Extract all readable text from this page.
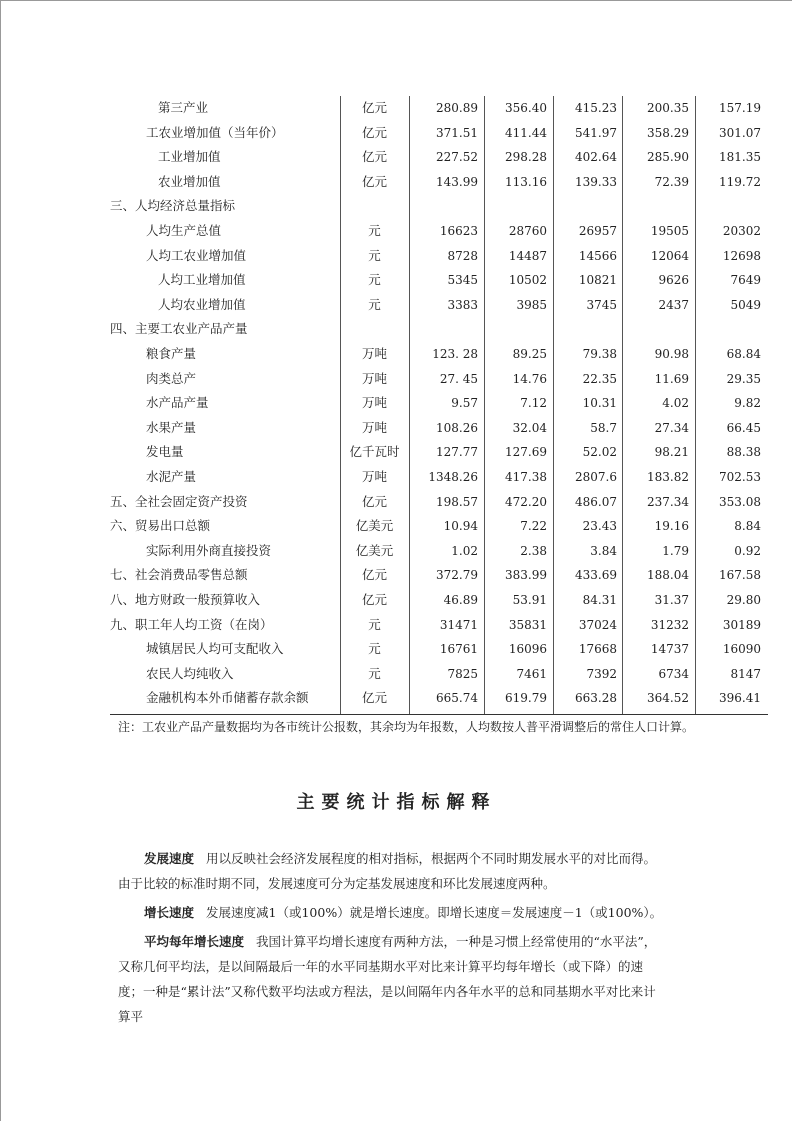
第三产业	亿元	280.89	356.40	415.23	200.35	157.19
工农业增加值（当年价）	亿元	371.51	411.44	541.97	358.29	301.07
工业增加值	亿元	227.52	298.28	402.64	285.90	181.35
农业增加值	亿元	143.99	113.16	139.33	72.39	119.72
三、人均经济总量指标
人均生产总值	元	16623	28760	26957	19505	20302
人均工农业增加值	元	8728	14487	14566	12064	12698
人均工业增加值	元	5345	10502	10821	9626	7649
人均农业增加值	元	3383	3985	3745	2437	5049
四、主要工农业产品产量
粮食产量	万吨	123. 28	89.25	79.38	90.98	68.84
肉类总产	万吨	27. 45	14.76	22.35	11.69	29.35
水产品产量	万吨	9.57	7.12	10.31	4.02	9.82
水果产量	万吨	108.26	32.04	58.7	27.34	66.45
发电量	亿千瓦时	127.77	127.69	52.02	98.21	88.38
水泥产量	万吨	1348.26	417.38	2807.6	183.82	702.53
五、全社会固定资产投资	亿元	198.57	472.20	486.07	237.34	353.08
六、贸易出口总额	亿美元	10.94	7.22	23.43	19.16	8.84
实际利用外商直接投资	亿美元	1.02	2.38	3.84	1.79	0.92
七、社会消费品零售总额	亿元	372.79	383.99	433.69	188.04	167.58
八、地方财政一般预算收入	亿元	46.89	53.91	84.31	31.37	29.80
九、职工年人均工资（在岗）	元	31471	35831	37024	31232	30189
城镇居民人均可支配收入	元	16761	16096	17668	14737	16090
农民人均纯收入	元	7825	7461	7392	6734	8147
金融机构本外币储蓄存款余额	亿元	665.74	619.79	663.28	364.52	396.41
注：工农业产品产量数据均为各市统计公报数，其余均为年报数，人均数按人普平滑调整后的常住人口计算。
主要统计指标解释

发展速度 用以反映社会经济发展程度的相对指标，根据两个不同时期发展水平的对比而得。由于比较的标准时期不同，发展速度可分为定基发展速度和环比发展速度两种。

增长速度 发展速度减1（或100%）就是增长速度。即增长速度＝发展速度－1（或100%）。

平均每年增长速度 我国计算平均增长速度有两种方法，一种是习惯上经常使用的“水平法”，又称几何平均法，是以间隔最后一年的水平同基期水平对比来计算平均每年增长（或下降）的速度；一种是“累计法”又称代数平均法或方程法，是以间隔年内各年水平的总和同基期水平对比来计算平
